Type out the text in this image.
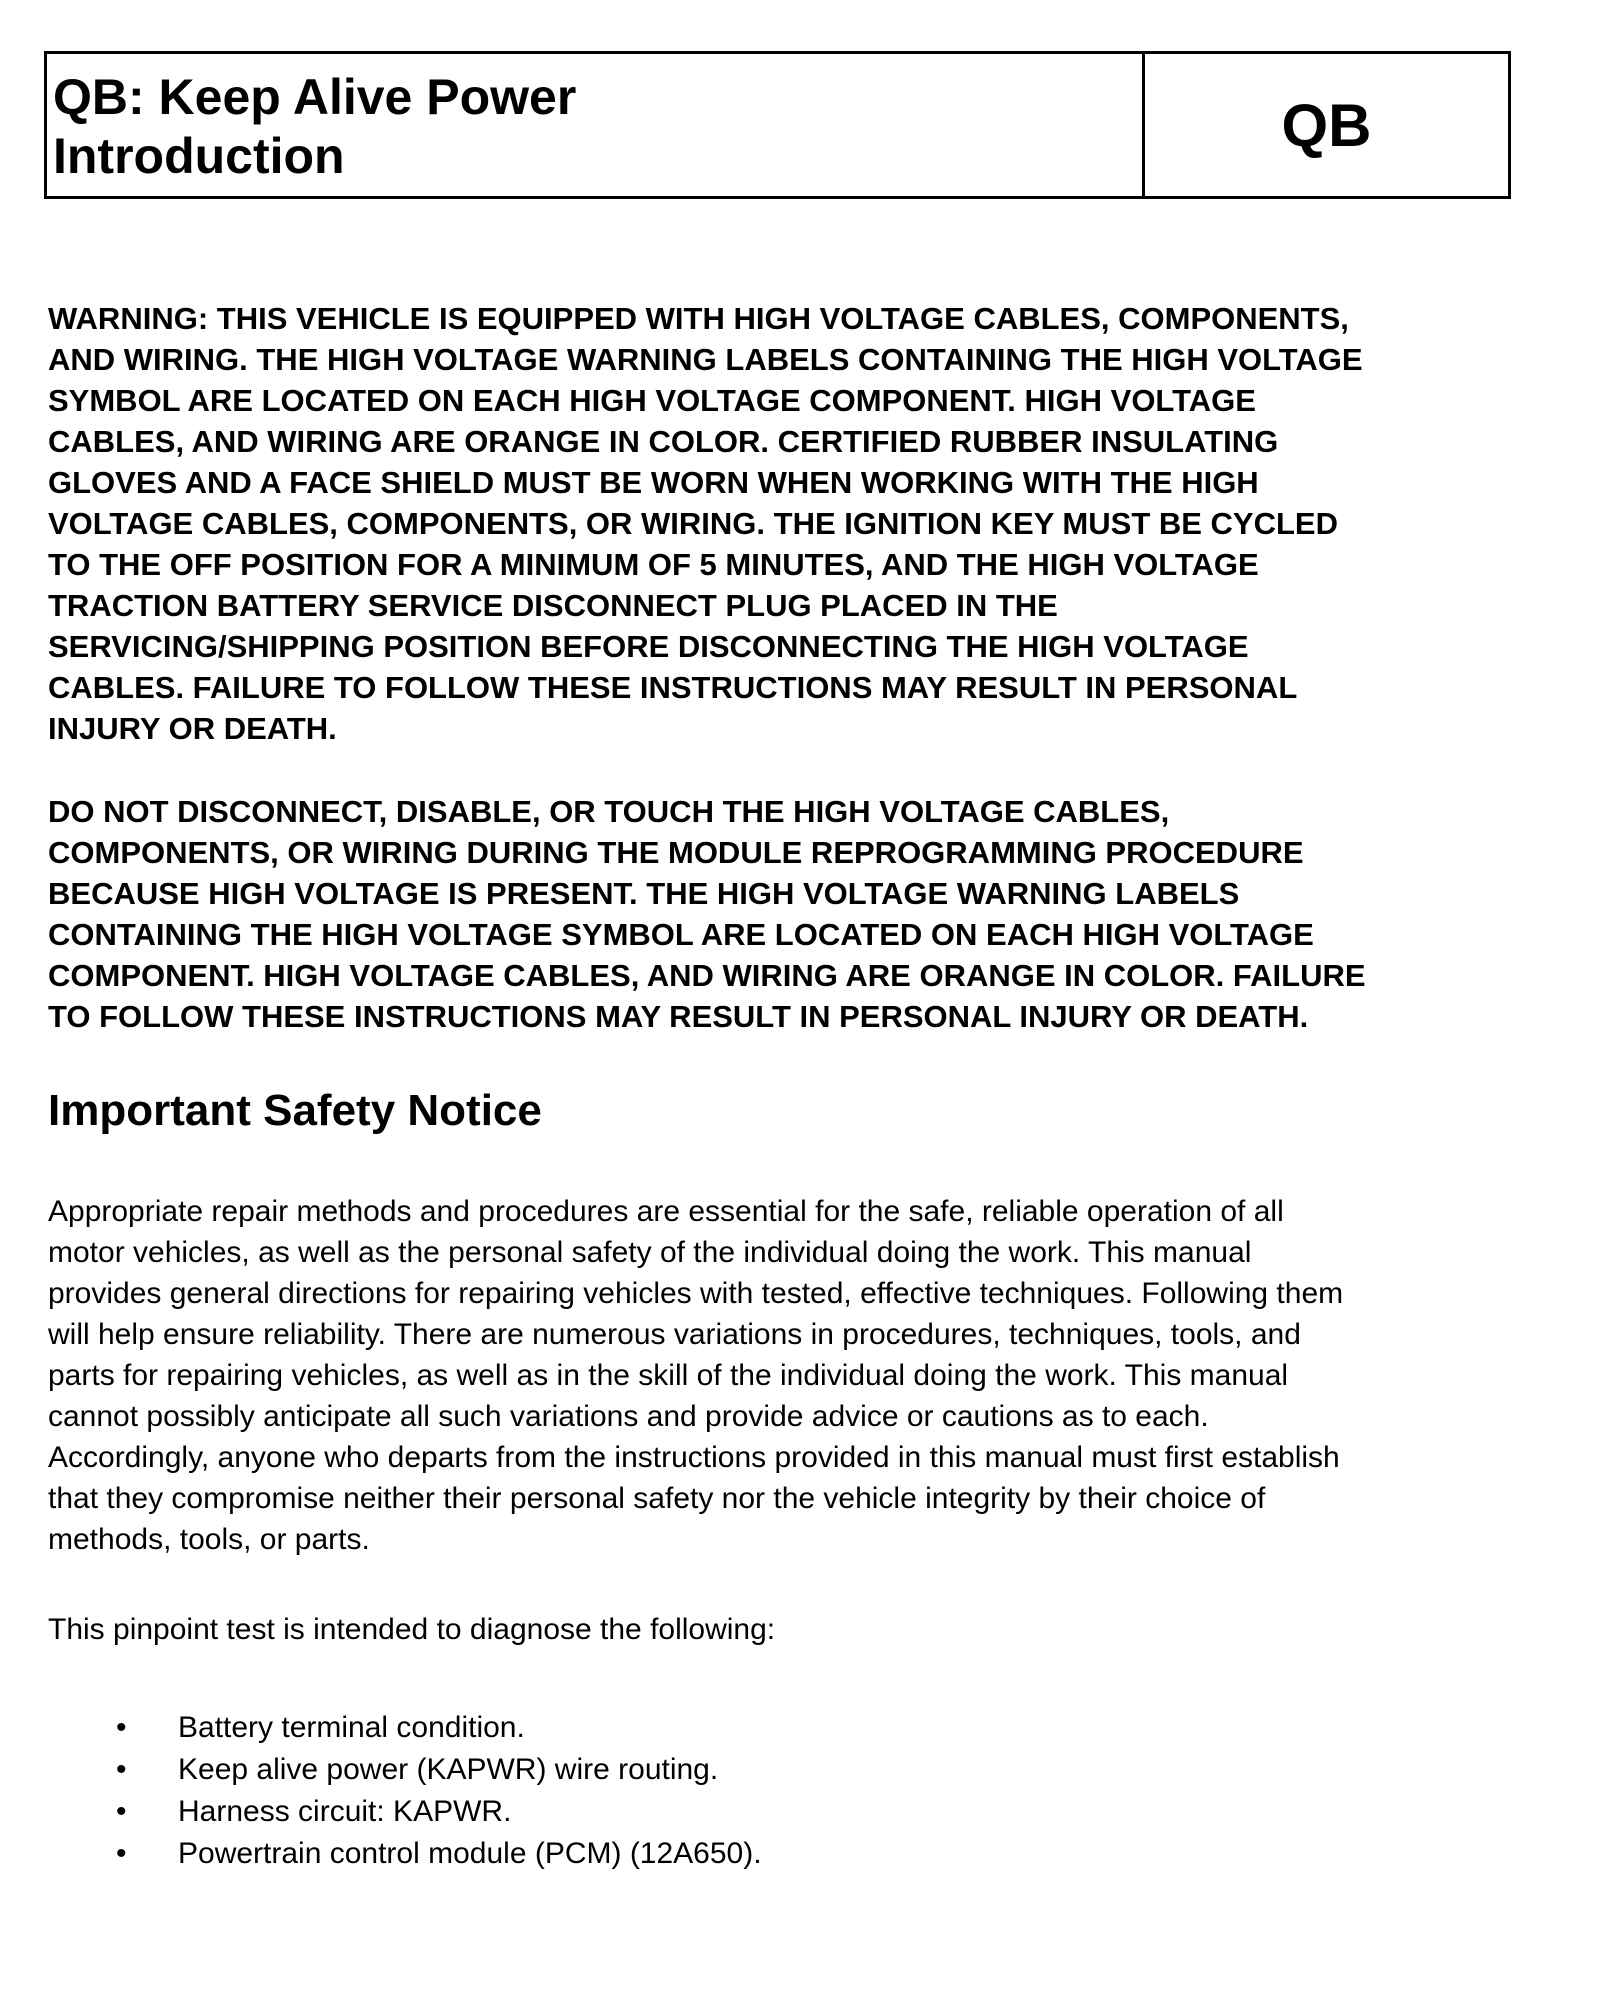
QB: Keep Alive Power
Introduction	QB

WARNING: THIS VEHICLE IS EQUIPPED WITH HIGH VOLTAGE CABLES, COMPONENTS,
AND WIRING. THE HIGH VOLTAGE WARNING LABELS CONTAINING THE HIGH VOLTAGE
SYMBOL ARE LOCATED ON EACH HIGH VOLTAGE COMPONENT. HIGH VOLTAGE
CABLES, AND WIRING ARE ORANGE IN COLOR. CERTIFIED RUBBER INSULATING
GLOVES AND A FACE SHIELD MUST BE WORN WHEN WORKING WITH THE HIGH
VOLTAGE CABLES, COMPONENTS, OR WIRING. THE IGNITION KEY MUST BE CYCLED
TO THE OFF POSITION FOR A MINIMUM OF 5 MINUTES, AND THE HIGH VOLTAGE
TRACTION BATTERY SERVICE DISCONNECT PLUG PLACED IN THE
SERVICING/SHIPPING POSITION BEFORE DISCONNECTING THE HIGH VOLTAGE
CABLES. FAILURE TO FOLLOW THESE INSTRUCTIONS MAY RESULT IN PERSONAL
INJURY OR DEATH.

DO NOT DISCONNECT, DISABLE, OR TOUCH THE HIGH VOLTAGE CABLES,
COMPONENTS, OR WIRING DURING THE MODULE REPROGRAMMING PROCEDURE
BECAUSE HIGH VOLTAGE IS PRESENT. THE HIGH VOLTAGE WARNING LABELS
CONTAINING THE HIGH VOLTAGE SYMBOL ARE LOCATED ON EACH HIGH VOLTAGE
COMPONENT. HIGH VOLTAGE CABLES, AND WIRING ARE ORANGE IN COLOR. FAILURE
TO FOLLOW THESE INSTRUCTIONS MAY RESULT IN PERSONAL INJURY OR DEATH.

Important Safety Notice

Appropriate repair methods and procedures are essential for the safe, reliable operation of all
motor vehicles, as well as the personal safety of the individual doing the work. This manual
provides general directions for repairing vehicles with tested, effective techniques. Following them
will help ensure reliability. There are numerous variations in procedures, techniques, tools, and
parts for repairing vehicles, as well as in the skill of the individual doing the work. This manual
cannot possibly anticipate all such variations and provide advice or cautions as to each.
Accordingly, anyone who departs from the instructions provided in this manual must first establish
that they compromise neither their personal safety nor the vehicle integrity by their choice of
methods, tools, or parts.

This pinpoint test is intended to diagnose the following:

• Battery terminal condition.
• Keep alive power (KAPWR) wire routing.
• Harness circuit: KAPWR.
• Powertrain control module (PCM) (12A650).
